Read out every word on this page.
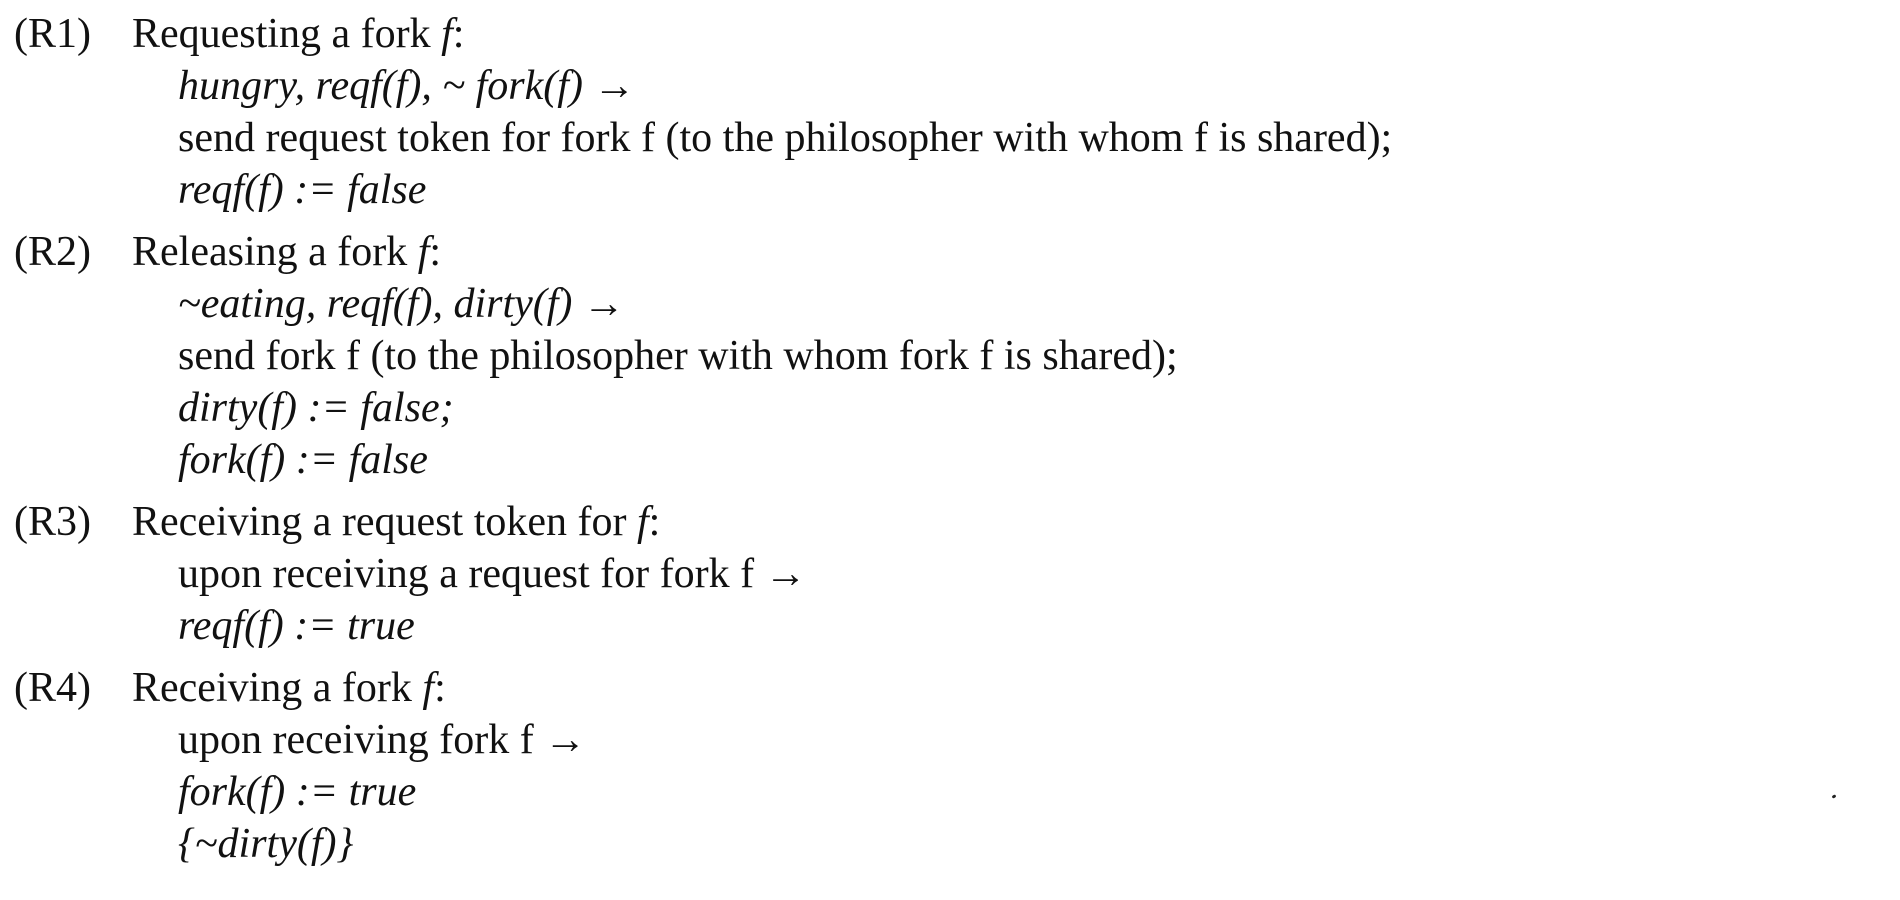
(R1) Requesting a fork f:
hungry, reqf(f), ~ fork(f) →
send request token for fork f (to the philosopher with whom f is shared);
reqf(f) := false
(R2) Releasing a fork f:
~eating, reqf(f), dirty(f) →
send fork f (to the philosopher with whom fork f is shared);
dirty(f) := false;
fork(f) := false
(R3) Receiving a request token for f:
upon receiving a request for fork f →
reqf(f) := true
(R4) Receiving a fork f:
upon receiving fork f →
fork(f) := true
{~dirty(f)}
